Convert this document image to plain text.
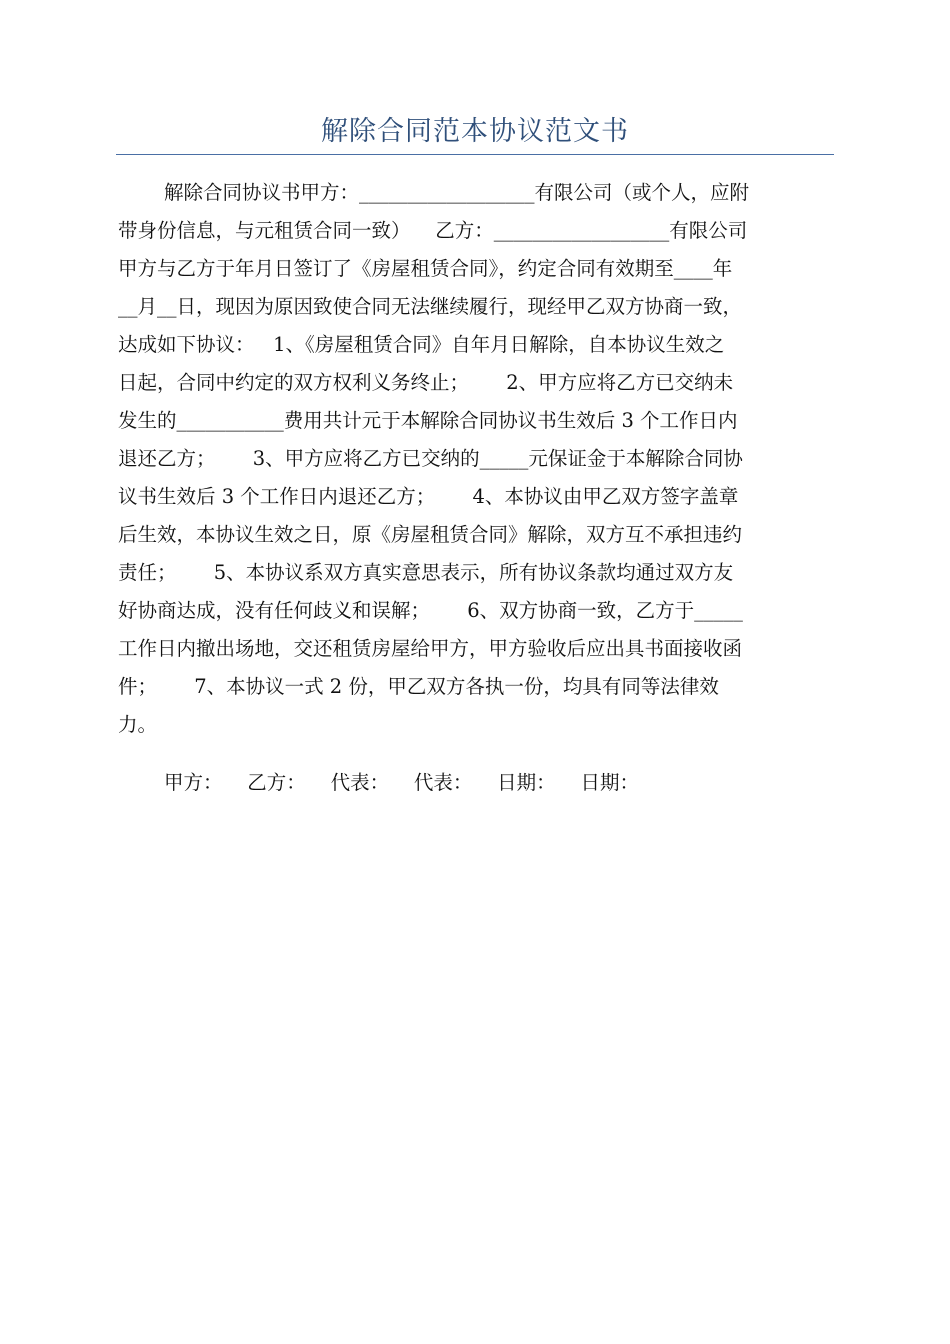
解除合同范本协议范文书
解除合同协议书甲方：__________________有限公司（或个人，应附
带身份信息，与元租赁合同一致）    乙方：__________________有限公司
甲方与乙方于年月日签订了《房屋租赁合同》，约定合同有效期至____年
__月__日，现因为原因致使合同无法继续履行，现经甲乙双方协商一致，
达成如下协议：   1、《房屋租赁合同》自年月日解除，自本协议生效之
日起，合同中约定的双方权利义务终止；      2、甲方应将乙方已交纳未
发生的___________费用共计元于本解除合同协议书生效后 3 个工作日内
退还乙方；      3、甲方应将乙方已交纳的_____元保证金于本解除合同协
议书生效后 3 个工作日内退还乙方；      4、本协议由甲乙双方签字盖章
后生效，本协议生效之日，原《房屋租赁合同》解除，双方互不承担违约
责任；      5、本协议系双方真实意思表示，所有协议条款均通过双方友
好协商达成，没有任何歧义和误解；      6、双方协商一致，乙方于_____
工作日内撤出场地，交还租赁房屋给甲方，甲方验收后应出具书面接收函
件；      7、本协议一式 2 份，甲乙双方各执一份，均具有同等法律效
力。
甲方：    乙方：    代表：    代表：    日期：    日期：
